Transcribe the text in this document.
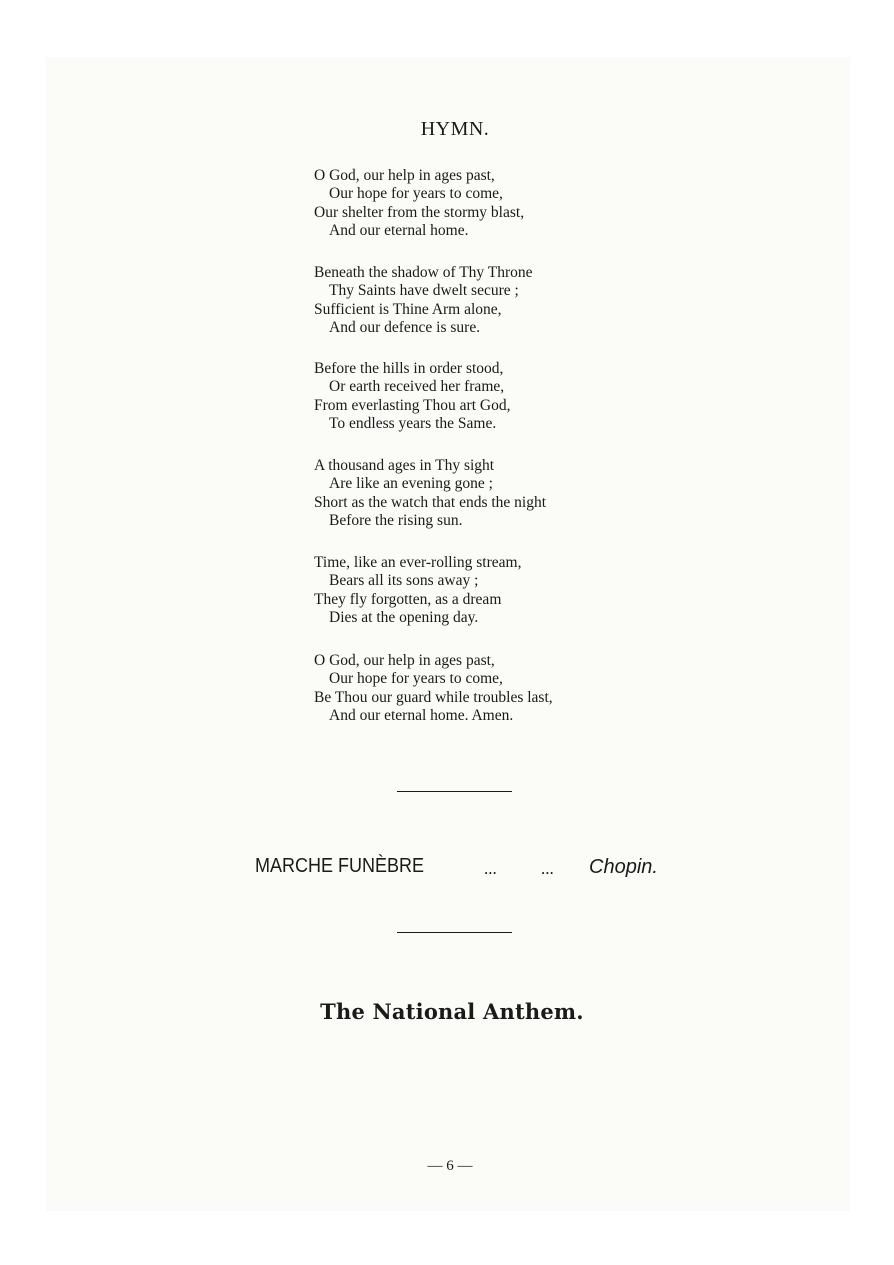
HYMN.
O God, our help in ages past,
Our hope for years to come,
Our shelter from the stormy blast,
And our eternal home.
Beneath the shadow of Thy Throne
Thy Saints have dwelt secure ;
Sufficient is Thine Arm alone,
And our defence is sure.
Before the hills in order stood,
Or earth received her frame,
From everlasting Thou art God,
To endless years the Same.
A thousand ages in Thy sight
Are like an evening gone ;
Short as the watch that ends the night
Before the rising sun.
Time, like an ever-rolling stream,
Bears all its sons away ;
They fly forgotten, as a dream
Dies at the opening day.
O God, our help in ages past,
Our hope for years to come,
Be Thou our guard while troubles last,
And our eternal home. Amen.
MARCHE FUNÈBRE	...	... Chopin.
The National Anthem.
— 6 —
